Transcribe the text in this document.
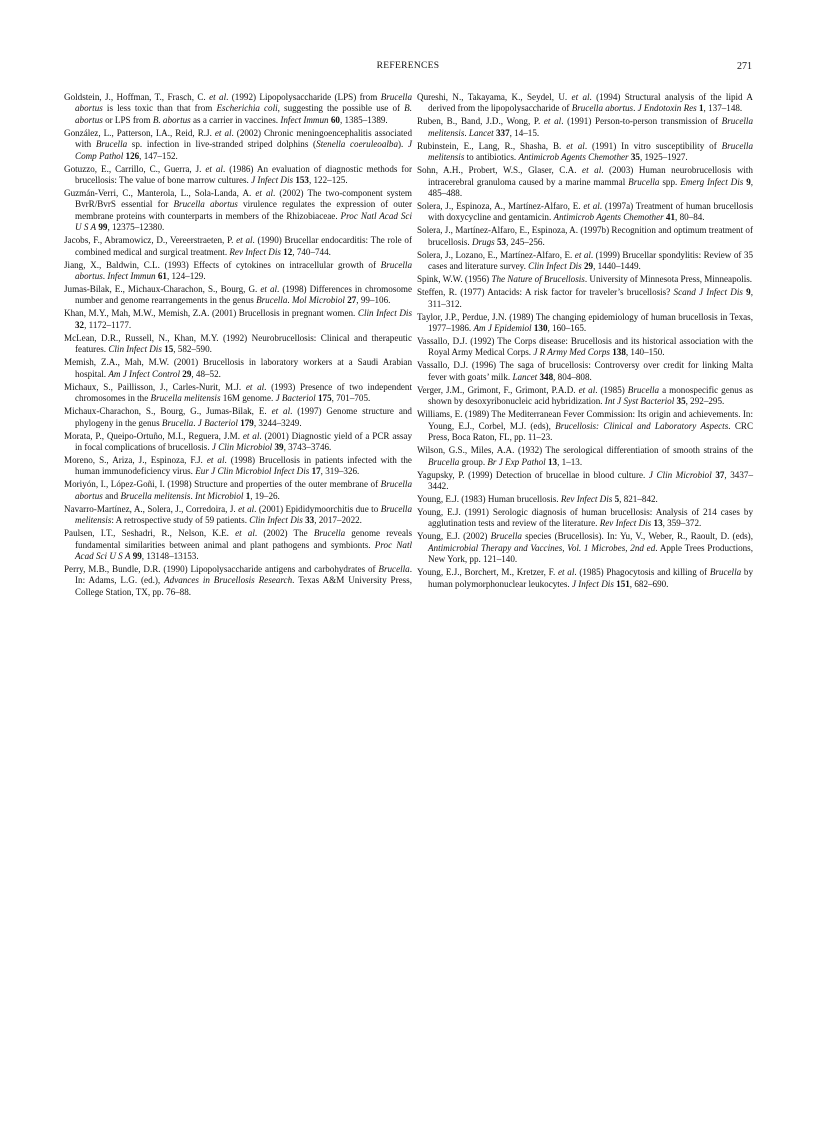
REFERENCES	271

Goldstein, J., Hoffman, T., Frasch, C. et al. (1992) Lipopolysaccharide (LPS) from Brucella abortus is less toxic than that from Escherichia coli, suggesting the possible use of B. abortus or LPS from B. abortus as a carrier in vaccines. Infect Immun 60, 1385–1389.

González, L., Patterson, I.A., Reid, R.J. et al. (2002) Chronic meningoencephalitis associated with Brucella sp. infection in live-stranded striped dolphins (Stenella coeruleoalba). J Comp Pathol 126, 147–152.

Gotuzzo, E., Carrillo, C., Guerra, J. et al. (1986) An evaluation of diagnostic methods for brucellosis: The value of bone marrow cultures. J Infect Dis 153, 122–125.

Guzmán-Verri, C., Manterola, L., Sola-Landa, A. et al. (2002) The two-component system BvrR/BvrS essential for Brucella abortus virulence regulates the expression of outer membrane proteins with counterparts in members of the Rhizobiaceae. Proc Natl Acad Sci U S A 99, 12375–12380.

Jacobs, F., Abramowicz, D., Vereerstraeten, P. et al. (1990) Brucellar endocarditis: The role of combined medical and surgical treatment. Rev Infect Dis 12, 740–744.

Jiang, X., Baldwin, C.L. (1993) Effects of cytokines on intracellular growth of Brucella abortus. Infect Immun 61, 124–129.

Jumas-Bilak, E., Michaux-Charachon, S., Bourg, G. et al. (1998) Differences in chromosome number and genome rearrangements in the genus Brucella. Mol Microbiol 27, 99–106.

Khan, M.Y., Mah, M.W., Memish, Z.A. (2001) Brucellosis in pregnant women. Clin Infect Dis 32, 1172–1177.

McLean, D.R., Russell, N., Khan, M.Y. (1992) Neurobrucellosis: Clinical and therapeutic features. Clin Infect Dis 15, 582–590.

Memish, Z.A., Mah, M.W. (2001) Brucellosis in laboratory workers at a Saudi Arabian hospital. Am J Infect Control 29, 48–52.

Michaux, S., Paillisson, J., Carles-Nurit, M.J. et al. (1993) Presence of two independent chromosomes in the Brucella melitensis 16M genome. J Bacteriol 175, 701–705.

Michaux-Charachon, S., Bourg, G., Jumas-Bilak, E. et al. (1997) Genome structure and phylogeny in the genus Brucella. J Bacteriol 179, 3244–3249.

Morata, P., Queipo-Ortuño, M.I., Reguera, J.M. et al. (2001) Diagnostic yield of a PCR assay in focal complications of brucellosis. J Clin Microbiol 39, 3743–3746.

Moreno, S., Ariza, J., Espinoza, F.J. et al. (1998) Brucellosis in patients infected with the human immunodeficiency virus. Eur J Clin Microbiol Infect Dis 17, 319–326.

Moriyón, I., López-Goñi, I. (1998) Structure and properties of the outer membrane of Brucella abortus and Brucella melitensis. Int Microbiol 1, 19–26.

Navarro-Martínez, A., Solera, J., Corredoira, J. et al. (2001) Epididymoorchitis due to Brucella melitensis: A retrospective study of 59 patients. Clin Infect Dis 33, 2017–2022.

Paulsen, I.T., Seshadri, R., Nelson, K.E. et al. (2002) The Brucella genome reveals fundamental similarities between animal and plant pathogens and symbionts. Proc Natl Acad Sci U S A 99, 13148–13153.

Perry, M.B., Bundle, D.R. (1990) Lipopolysaccharide antigens and carbohydrates of Brucella. In: Adams, L.G. (ed.), Advances in Brucellosis Research. Texas A&M University Press, College Station, TX, pp. 76–88.

Qureshi, N., Takayama, K., Seydel, U. et al. (1994) Structural analysis of the lipid A derived from the lipopolysaccharide of Brucella abortus. J Endotoxin Res 1, 137–148.

Ruben, B., Band, J.D., Wong, P. et al. (1991) Person-to-person transmission of Brucella melitensis. Lancet 337, 14–15.

Rubinstein, E., Lang, R., Shasha, B. et al. (1991) In vitro susceptibility of Brucella melitensis to antibiotics. Antimicrob Agents Chemother 35, 1925–1927.

Sohn, A.H., Probert, W.S., Glaser, C.A. et al. (2003) Human neurobrucellosis with intracerebral granuloma caused by a marine mammal Brucella spp. Emerg Infect Dis 9, 485–488.

Solera, J., Espinoza, A., Martínez-Alfaro, E. et al. (1997a) Treatment of human brucellosis with doxycycline and gentamicin. Antimicrob Agents Chemother 41, 80–84.

Solera, J., Martínez-Alfaro, E., Espinoza, A. (1997b) Recognition and optimum treatment of brucellosis. Drugs 53, 245–256.

Solera, J., Lozano, E., Martínez-Alfaro, E. et al. (1999) Brucellar spondylitis: Review of 35 cases and literature survey. Clin Infect Dis 29, 1440–1449.

Spink, W.W. (1956) The Nature of Brucellosis. University of Minnesota Press, Minneapolis.

Steffen, R. (1977) Antacids: A risk factor for traveler’s brucellosis? Scand J Infect Dis 9, 311–312.

Taylor, J.P., Perdue, J.N. (1989) The changing epidemiology of human brucellosis in Texas, 1977–1986. Am J Epidemiol 130, 160–165.

Vassallo, D.J. (1992) The Corps disease: Brucellosis and its historical association with the Royal Army Medical Corps. J R Army Med Corps 138, 140–150.

Vassallo, D.J. (1996) The saga of brucellosis: Controversy over credit for linking Malta fever with goats’ milk. Lancet 348, 804–808.

Verger, J.M., Grimont, F., Grimont, P.A.D. et al. (1985) Brucella a monospecific genus as shown by desoxyribonucleic acid hybridization. Int J Syst Bacteriol 35, 292–295.

Williams, E. (1989) The Mediterranean Fever Commission: Its origin and achievements. In: Young, E.J., Corbel, M.J. (eds), Brucellosis: Clinical and Laboratory Aspects. CRC Press, Boca Raton, FL, pp. 11–23.

Wilson, G.S., Miles, A.A. (1932) The serological differentiation of smooth strains of the Brucella group. Br J Exp Pathol 13, 1–13.

Yagupsky, P. (1999) Detection of brucellae in blood culture. J Clin Microbiol 37, 3437–3442.

Young, E.J. (1983) Human brucellosis. Rev Infect Dis 5, 821–842.

Young, E.J. (1991) Serologic diagnosis of human brucellosis: Analysis of 214 cases by agglutination tests and review of the literature. Rev Infect Dis 13, 359–372.

Young, E.J. (2002) Brucella species (Brucellosis). In: Yu, V., Weber, R., Raoult, D. (eds), Antimicrobial Therapy and Vaccines, Vol. 1 Microbes, 2nd ed. Apple Trees Productions, New York, pp. 121–140.

Young, E.J., Borchert, M., Kretzer, F. et al. (1985) Phagocytosis and killing of Brucella by human polymorphonuclear leukocytes. J Infect Dis 151, 682–690.
